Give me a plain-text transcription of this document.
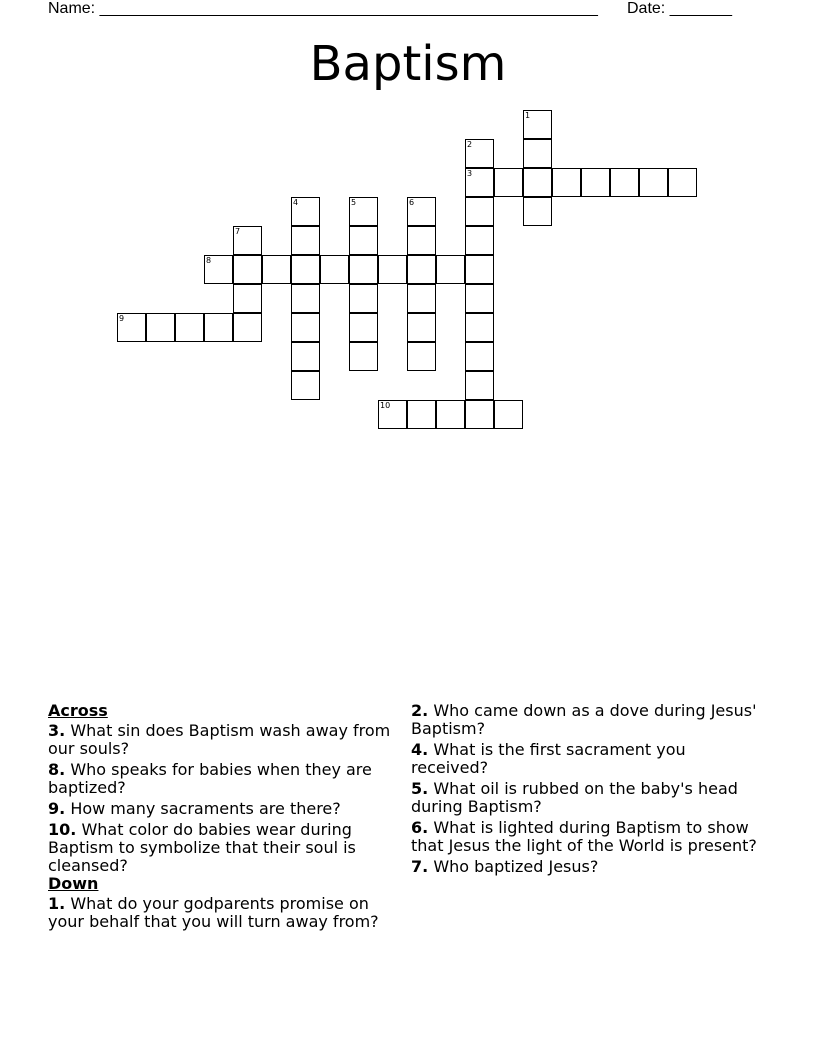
Name: ________________________________________________________ Date: _______
Baptism
1
2
3
4	5	6
7
8
9
10
Across
3. What sin does Baptism wash away from our souls?
8. Who speaks for babies when they are baptized?
9. How many sacraments are there?
10. What color do babies wear during Baptism to symbolize that their soul is cleansed?
Down
1. What do your godparents promise on your behalf that you will turn away from?
2. Who came down as a dove during Jesus' Baptism?
4. What is the first sacrament you received?
5. What oil is rubbed on the baby's head during Baptism?
6. What is lighted during Baptism to show that Jesus the light of the World is present?
7. Who baptized Jesus?
